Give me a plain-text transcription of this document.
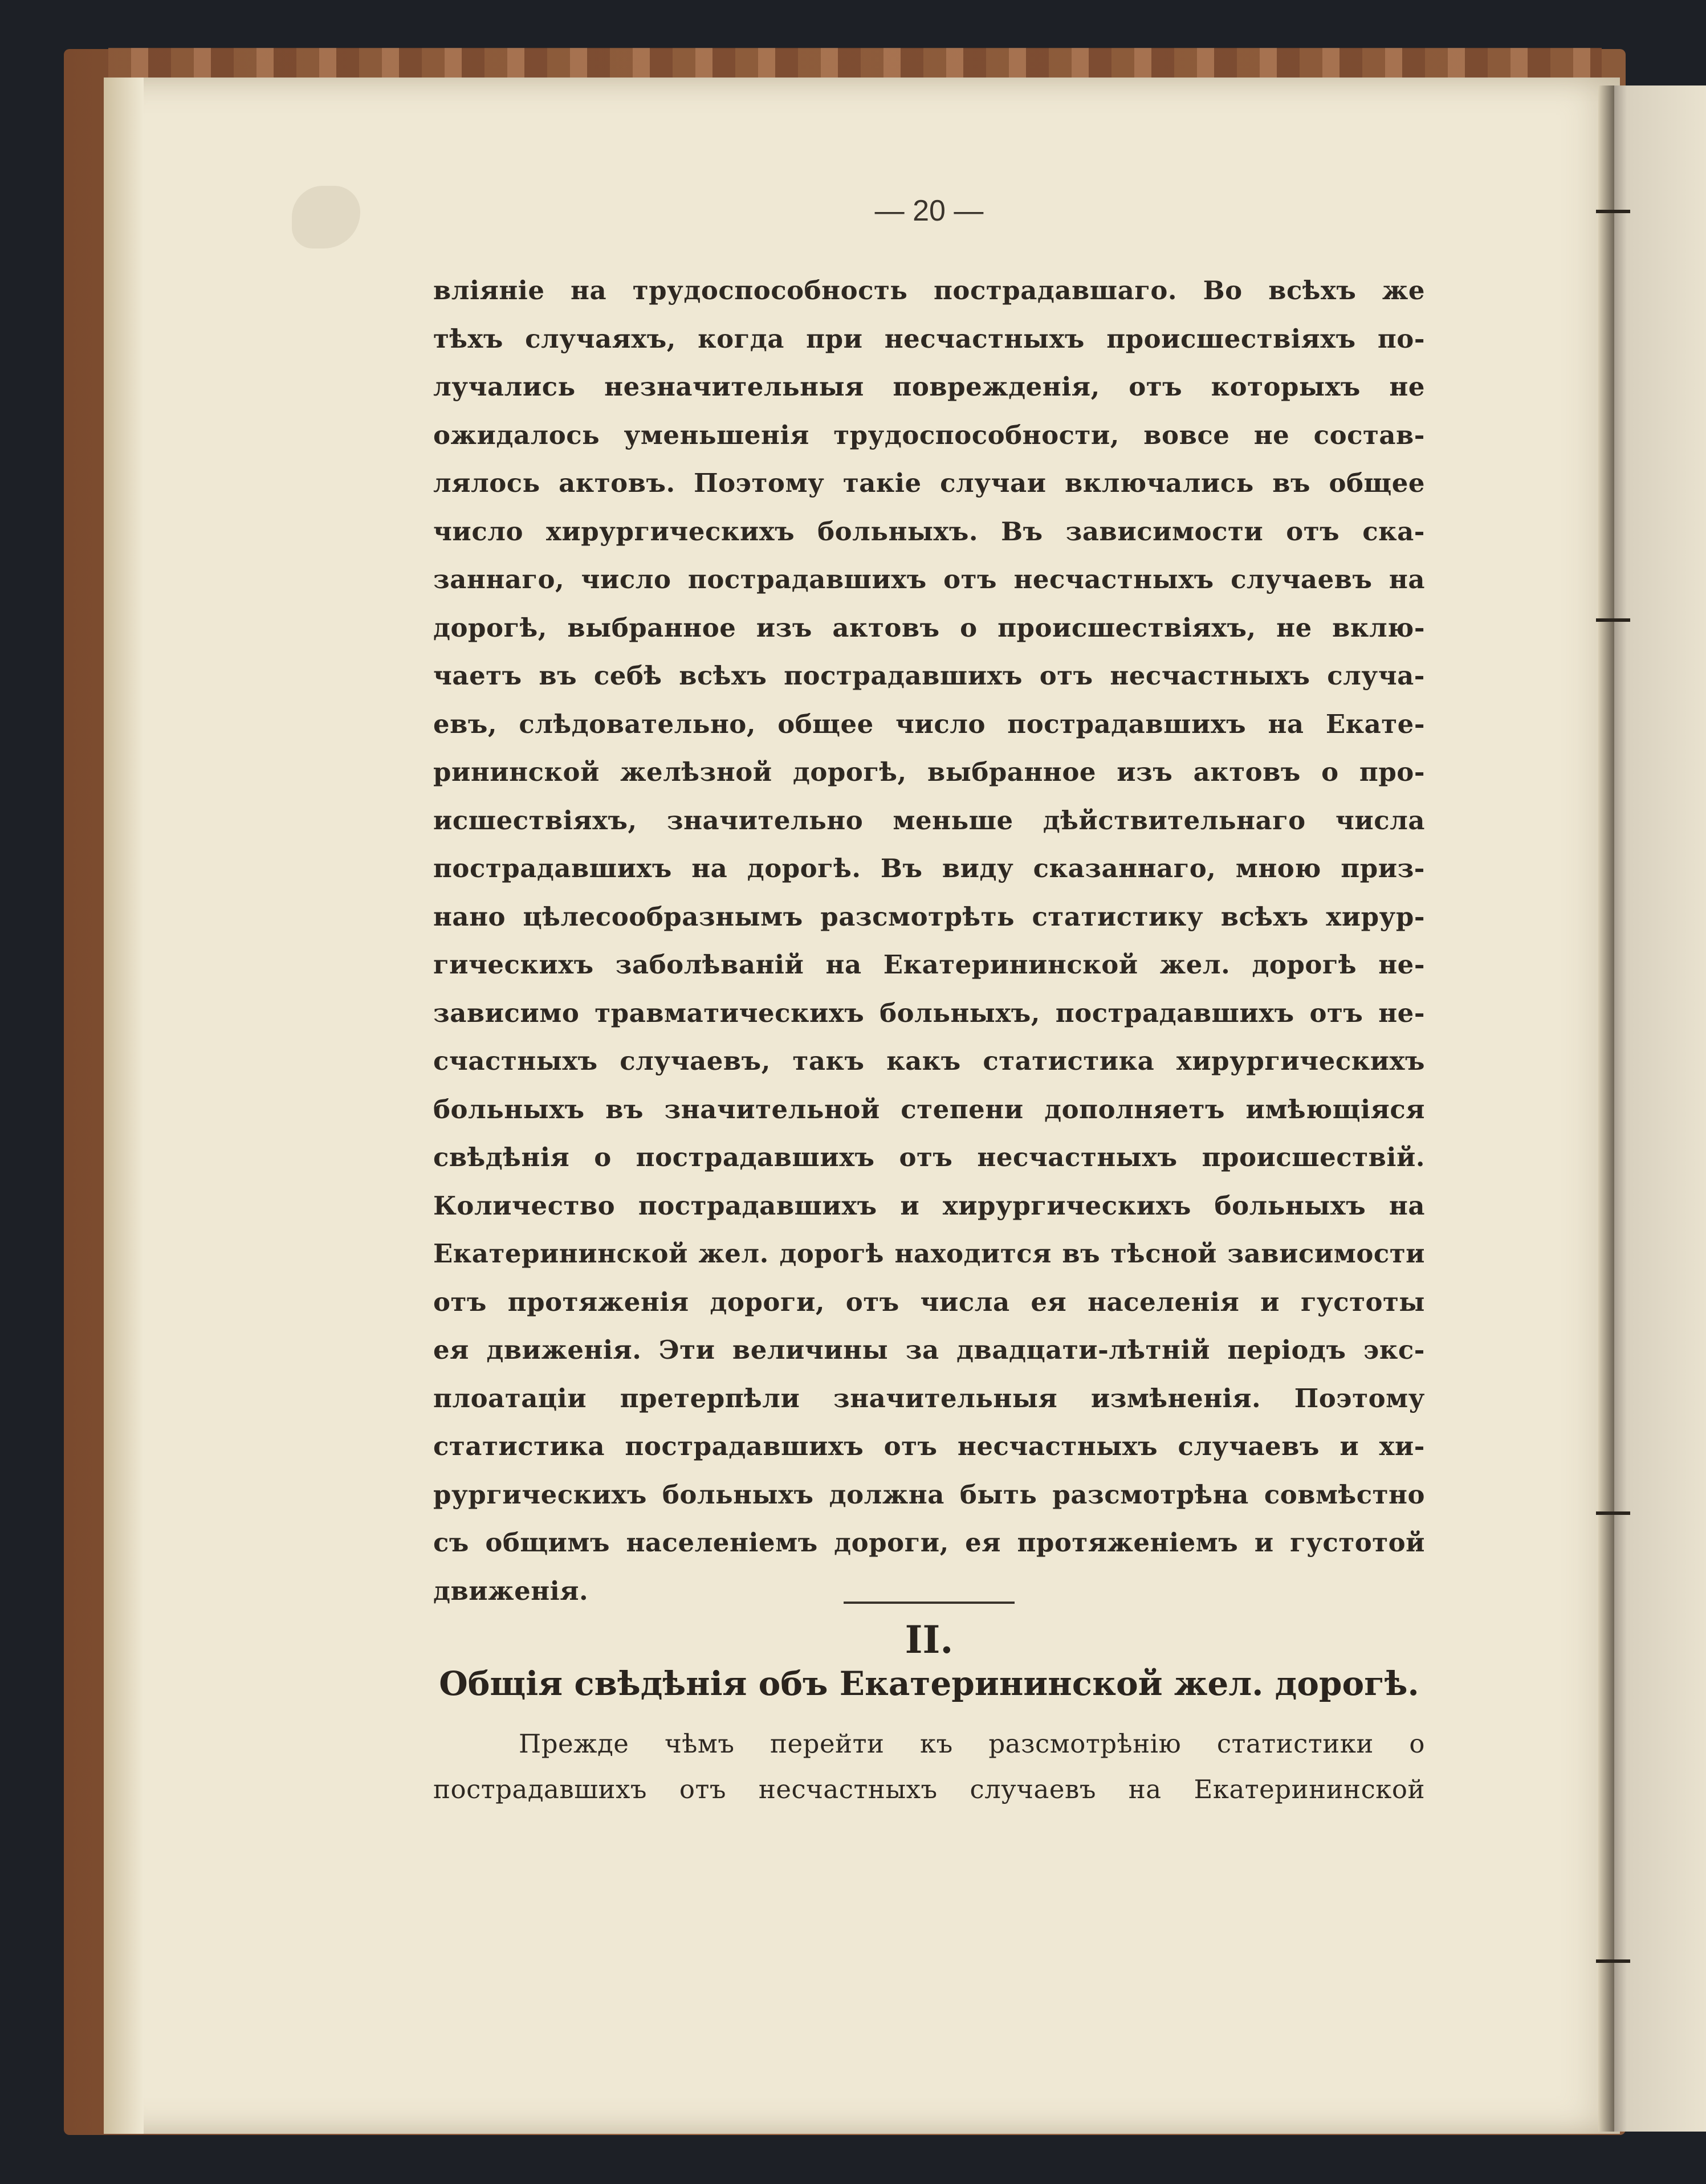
— 20 —
вліяніе на трудоспособность пострадавшаго. Во всѣхъ же
тѣхъ случаяхъ, когда при несчастныхъ происшествіяхъ по-
лучались незначительныя поврежденія, отъ которыхъ не
ожидалось уменьшенія трудоспособности, вовсе не состав-
лялось актовъ. Поэтому такіе случаи включались въ общее
число хирургическихъ больныхъ. Въ зависимости отъ ска-
заннаго, число пострадавшихъ отъ несчастныхъ случаевъ на
дорогѣ, выбранное изъ актовъ о происшествіяхъ, не вклю-
чаетъ въ себѣ всѣхъ пострадавшихъ отъ несчастныхъ случа-
евъ, слѣдовательно, общее число пострадавшихъ на Екате-
рининской желѣзной дорогѣ, выбранное изъ актовъ о про-
исшествіяхъ, значительно меньше дѣйствительнаго числа
пострадавшихъ на дорогѣ. Въ виду сказаннаго, мною приз-
нано цѣлесообразнымъ разсмотрѣть статистику всѣхъ хирур-
гическихъ заболѣваній на Екатерининской жел. дорогѣ не-
зависимо травматическихъ больныхъ, пострадавшихъ отъ не-
счастныхъ случаевъ, такъ какъ статистика хирургическихъ
больныхъ въ значительной степени дополняетъ имѣющіяся
свѣдѣнія о пострадавшихъ отъ несчастныхъ происшествій.
Количество пострадавшихъ и хирургическихъ больныхъ на
Екатерининской жел. дорогѣ находится въ тѣсной зависимости
отъ протяженія дороги, отъ числа ея населенія и густоты
ея движенія. Эти величины за двадцати-лѣтній періодъ экс-
плоатаціи претерпѣли значительныя измѣненія. Поэтому
статистика пострадавшихъ отъ несчастныхъ случаевъ и хи-
рургическихъ больныхъ должна быть разсмотрѣна совмѣстно
съ общимъ населеніемъ дороги, ея протяженіемъ и густотой
движенія.
II.
Общія свѣдѣнія объ Екатерининской жел. дорогѣ.
Прежде чѣмъ перейти къ разсмотрѣнію статистики о
пострадавшихъ отъ несчастныхъ случаевъ на Екатерининской
